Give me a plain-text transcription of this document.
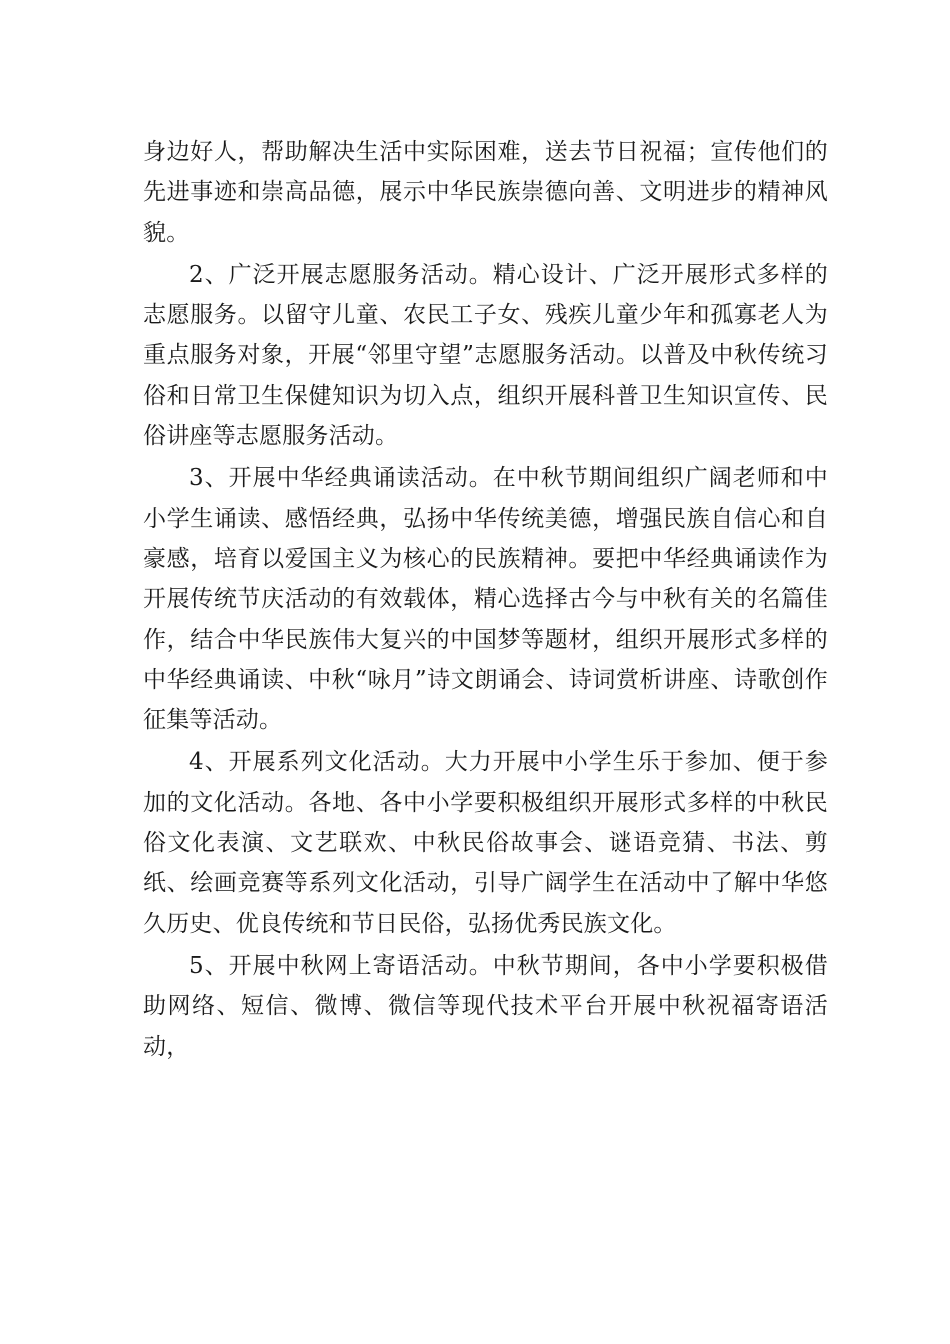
身边好人，帮助解决生活中实际困难，送去节日祝福；宣传他们的先进事迹和崇高品德，展示中华民族崇德向善、文明进步的精神风貌。

2、广泛开展志愿服务活动。精心设计、广泛开展形式多样的志愿服务。以留守儿童、农民工子女、残疾儿童少年和孤寡老人为重点服务对象，开展“邻里守望”志愿服务活动。以普及中秋传统习俗和日常卫生保健知识为切入点，组织开展科普卫生知识宣传、民俗讲座等志愿服务活动。

3、开展中华经典诵读活动。在中秋节期间组织广阔老师和中小学生诵读、感悟经典，弘扬中华传统美德，增强民族自信心和自豪感，培育以爱国主义为核心的民族精神。要把中华经典诵读作为开展传统节庆活动的有效载体，精心选择古今与中秋有关的名篇佳作，结合中华民族伟大复兴的中国梦等题材，组织开展形式多样的中华经典诵读、中秋“咏月”诗文朗诵会、诗词赏析讲座、诗歌创作征集等活动。

4、开展系列文化活动。大力开展中小学生乐于参加、便于参加的文化活动。各地、各中小学要积极组织开展形式多样的中秋民俗文化表演、文艺联欢、中秋民俗故事会、谜语竞猜、书法、剪纸、绘画竞赛等系列文化活动，引导广阔学生在活动中了解中华悠久历史、优良传统和节日民俗，弘扬优秀民族文化。

5、开展中秋网上寄语活动。中秋节期间，各中小学要积极借助网络、短信、微博、微信等现代技术平台开展中秋祝福寄语活动，
